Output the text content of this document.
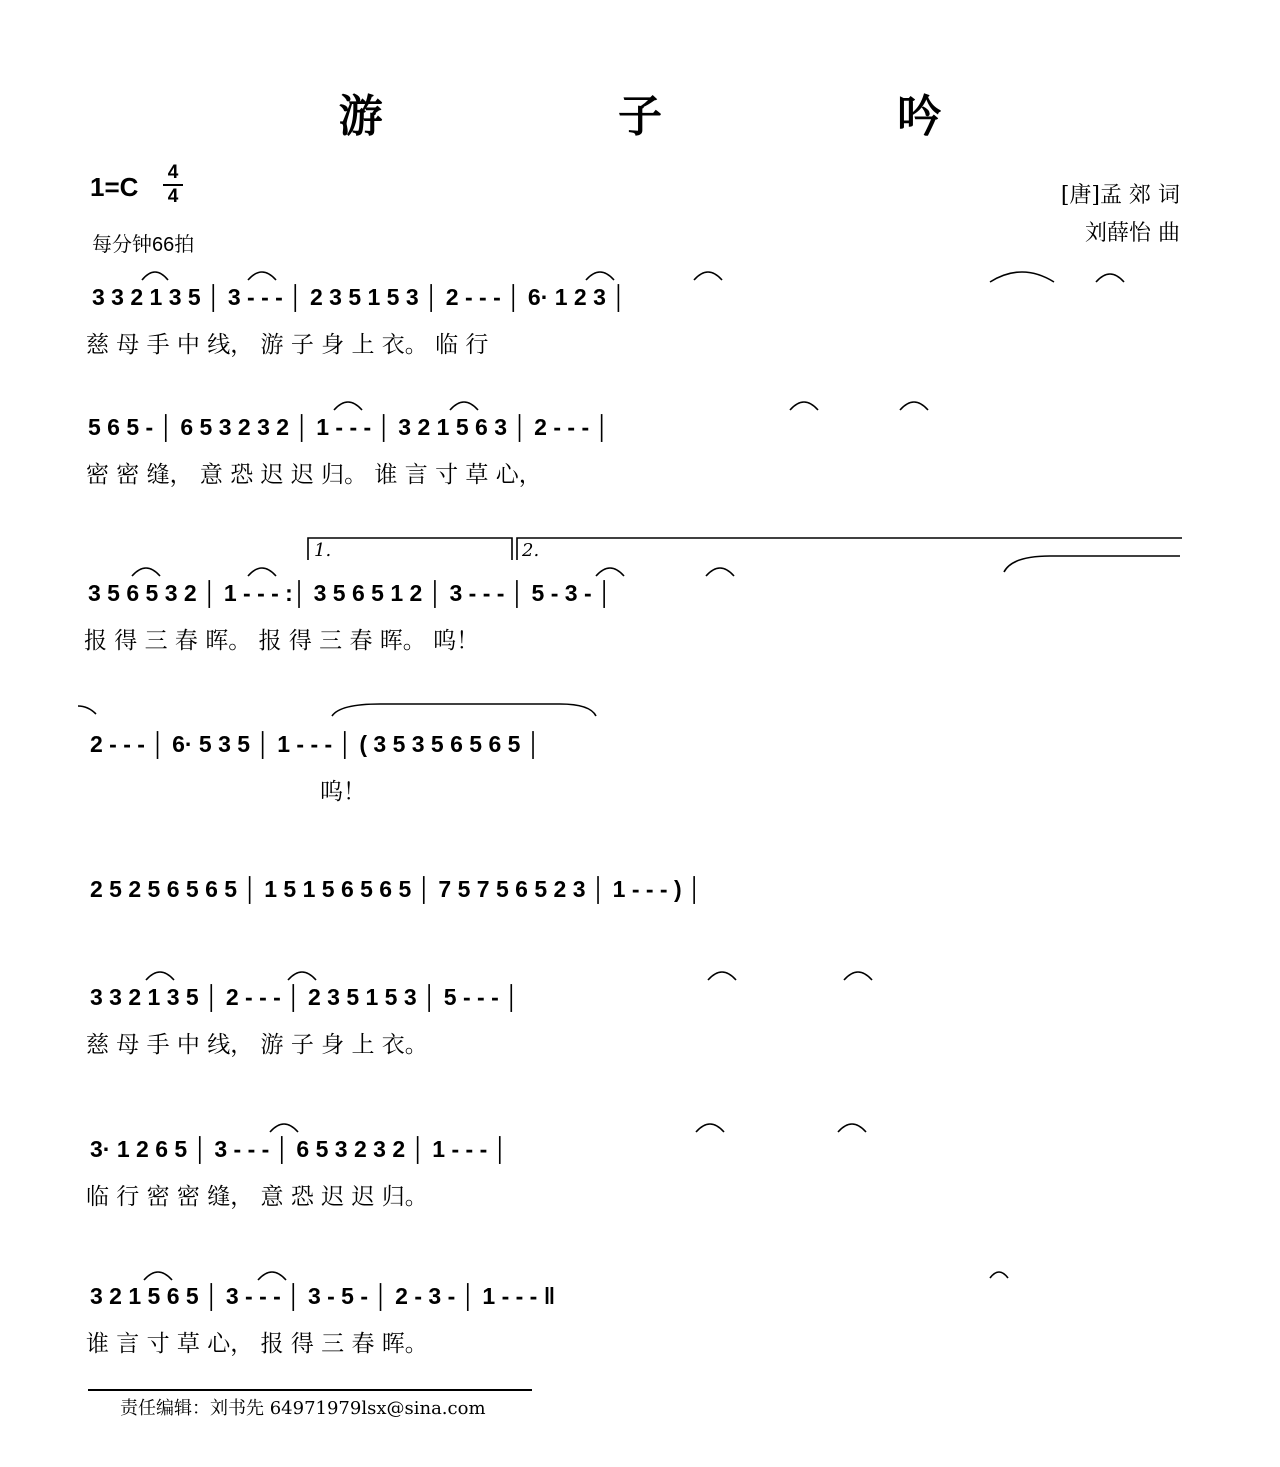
游 子 吟
1=C 4
4
每分钟66拍
[唐]孟 郊 词
刘薛怡 曲
3 3 2 1 3 5 │ 3 - - - │ 2 3 5 1 5 3 │ 2 - - - │ 6· 1 2 3 │
慈 母 手 中 线， 游 子 身 上 衣。 临 行
5 6 5 - │ 6 5 3 2 3 2 │ 1 - - - │ 3 2 1 5 6 3 │ 2 - - - │
密 密 缝， 意 恐 迟 迟 归。 谁 言 寸 草 心，
1.	2.
3 5 6 5 3 2 │ 1 - - - :│ 3 5 6 5 1 2 │ 3 - - - │ 5 - 3 - │
报 得 三 春 晖。 报 得 三 春 晖。 呜！
2 - - - │ 6· 5 3 5 │ 1 - - - │ ( 3 5 3 5 6 5 6 5 │
呜！
2 5 2 5 6 5 6 5 │ 1 5 1 5 6 5 6 5 │ 7 5 7 5 6 5 2 3 │ 1 - - - ) │
3 3 2 1 3 5 │ 2 - - - │ 2 3 5 1 5 3 │ 5 - - - │
慈 母 手 中 线， 游 子 身 上 衣。
3· 1 2 6 5 │ 3 - - - │ 6 5 3 2 3 2 │ 1 - - - │
临 行 密 密 缝， 意 恐 迟 迟 归。
3 2 1 5 6 5 │ 3 - - - │ 3 - 5 - │ 2 - 3 - │ 1 - - - ‖
谁 言 寸 草 心， 报 得 三 春 晖。
责任编辑：刘书先 64971979lsx@sina.com
